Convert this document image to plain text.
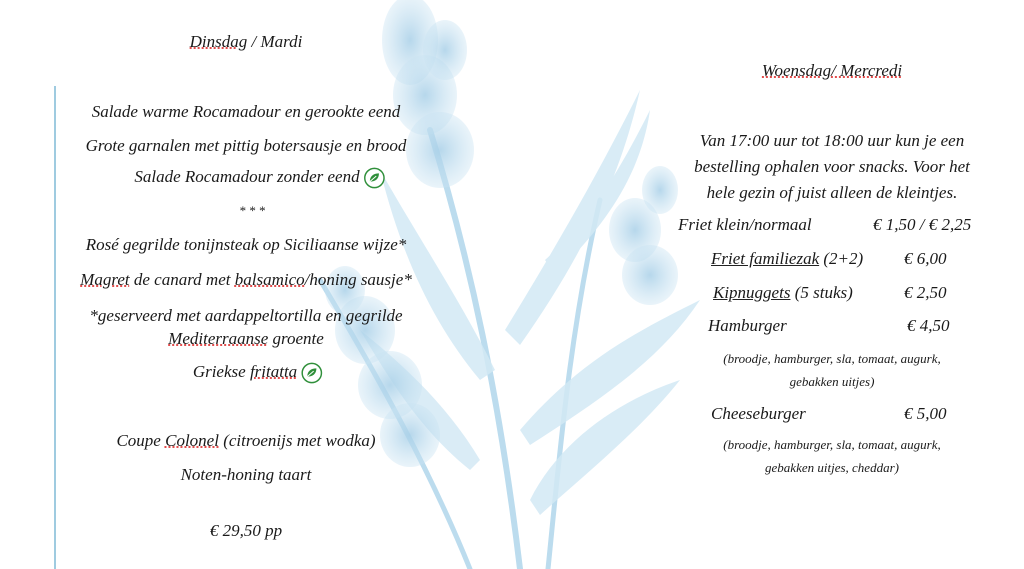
Dinsdag / Mardi
Salade warme Rocamadour en gerookte eend
Grote garnalen met pittig botersausje en brood
Salade Rocamadour zonder eend
* * *
Rosé gegrilde tonijnsteak op Siciliaanse wijze*
Magret de canard met balsamico/honing sausje*
*geserveerd met aardappeltortilla en gegrilde
Mediterraanse groente
Griekse fritatta
Coupe Colonel (citroenijs met wodka)
Noten-honing taart
€ 29,50 pp
Woensdag/ Mercredi
Van 17:00 uur tot 18:00 uur kun je een
bestelling ophalen voor snacks. Voor het
hele gezin of juist alleen de kleintjes.
Friet klein/normaal	€ 1,50 / € 2,25
Friet familiezak (2+2) € 6,00
Kipnuggets (5 stuks)	€ 2,50
Hamburger	€ 4,50
(broodje, hamburger, sla, tomaat, augurk,
gebakken uitjes)
Cheeseburger	€ 5,00
(broodje, hamburger, sla, tomaat, augurk,
gebakken uitjes, cheddar)
